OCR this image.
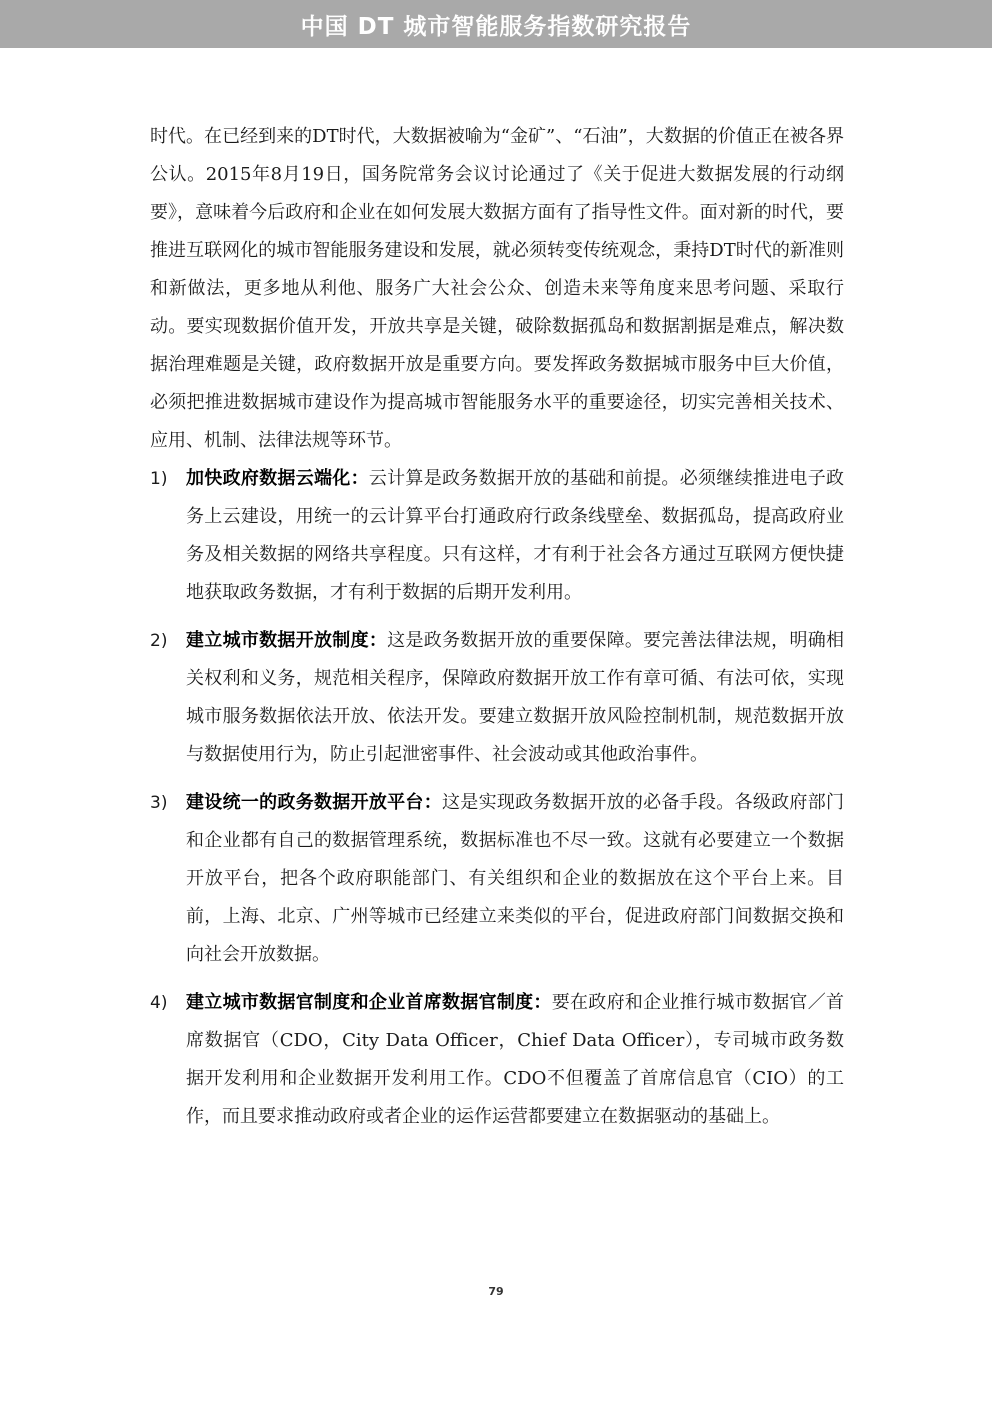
中国 DT 城市智能服务指数研究报告

时代。在已经到来的DT时代，大数据被喻为“金矿”、“石油”，大数据的价值正在被各界公认。2015年8月19日，国务院常务会议讨论通过了《关于促进大数据发展的行动纲要》，意味着今后政府和企业在如何发展大数据方面有了指导性文件。面对新的时代，要推进互联网化的城市智能服务建设和发展，就必须转变传统观念，秉持DT时代的新准则和新做法，更多地从利他、服务广大社会公众、创造未来等角度来思考问题、采取行动。要实现数据价值开发，开放共享是关键，破除数据孤岛和数据割据是难点，解决数据治理难题是关键，政府数据开放是重要方向。要发挥政务数据城市服务中巨大价值，必须把推进数据城市建设作为提高城市智能服务水平的重要途径，切实完善相关技术、应用、机制、法律法规等环节。

1) 加快政府数据云端化：云计算是政务数据开放的基础和前提。必须继续推进电子政务上云建设，用统一的云计算平台打通政府行政条线壁垒、数据孤岛，提高政府业务及相关数据的网络共享程度。只有这样，才有利于社会各方通过互联网方便快捷地获取政务数据，才有利于数据的后期开发利用。

2) 建立城市数据开放制度：这是政务数据开放的重要保障。要完善法律法规，明确相关权利和义务，规范相关程序，保障政府数据开放工作有章可循、有法可依，实现城市服务数据依法开放、依法开发。要建立数据开放风险控制机制，规范数据开放与数据使用行为，防止引起泄密事件、社会波动或其他政治事件。

3) 建设统一的政务数据开放平台：这是实现政务数据开放的必备手段。各级政府部门和企业都有自己的数据管理系统，数据标准也不尽一致。这就有必要建立一个数据开放平台，把各个政府职能部门、有关组织和企业的数据放在这个平台上来。目前，上海、北京、广州等城市已经建立来类似的平台，促进政府部门间数据交换和向社会开放数据。

4) 建立城市数据官制度和企业首席数据官制度：要在政府和企业推行城市数据官／首席数据官（CDO，City Data Officer，Chief Data Officer），专司城市政务数据开发利用和企业数据开发利用工作。CDO不但覆盖了首席信息官（CIO）的工作，而且要求推动政府或者企业的运作运营都要建立在数据驱动的基础上。

79
